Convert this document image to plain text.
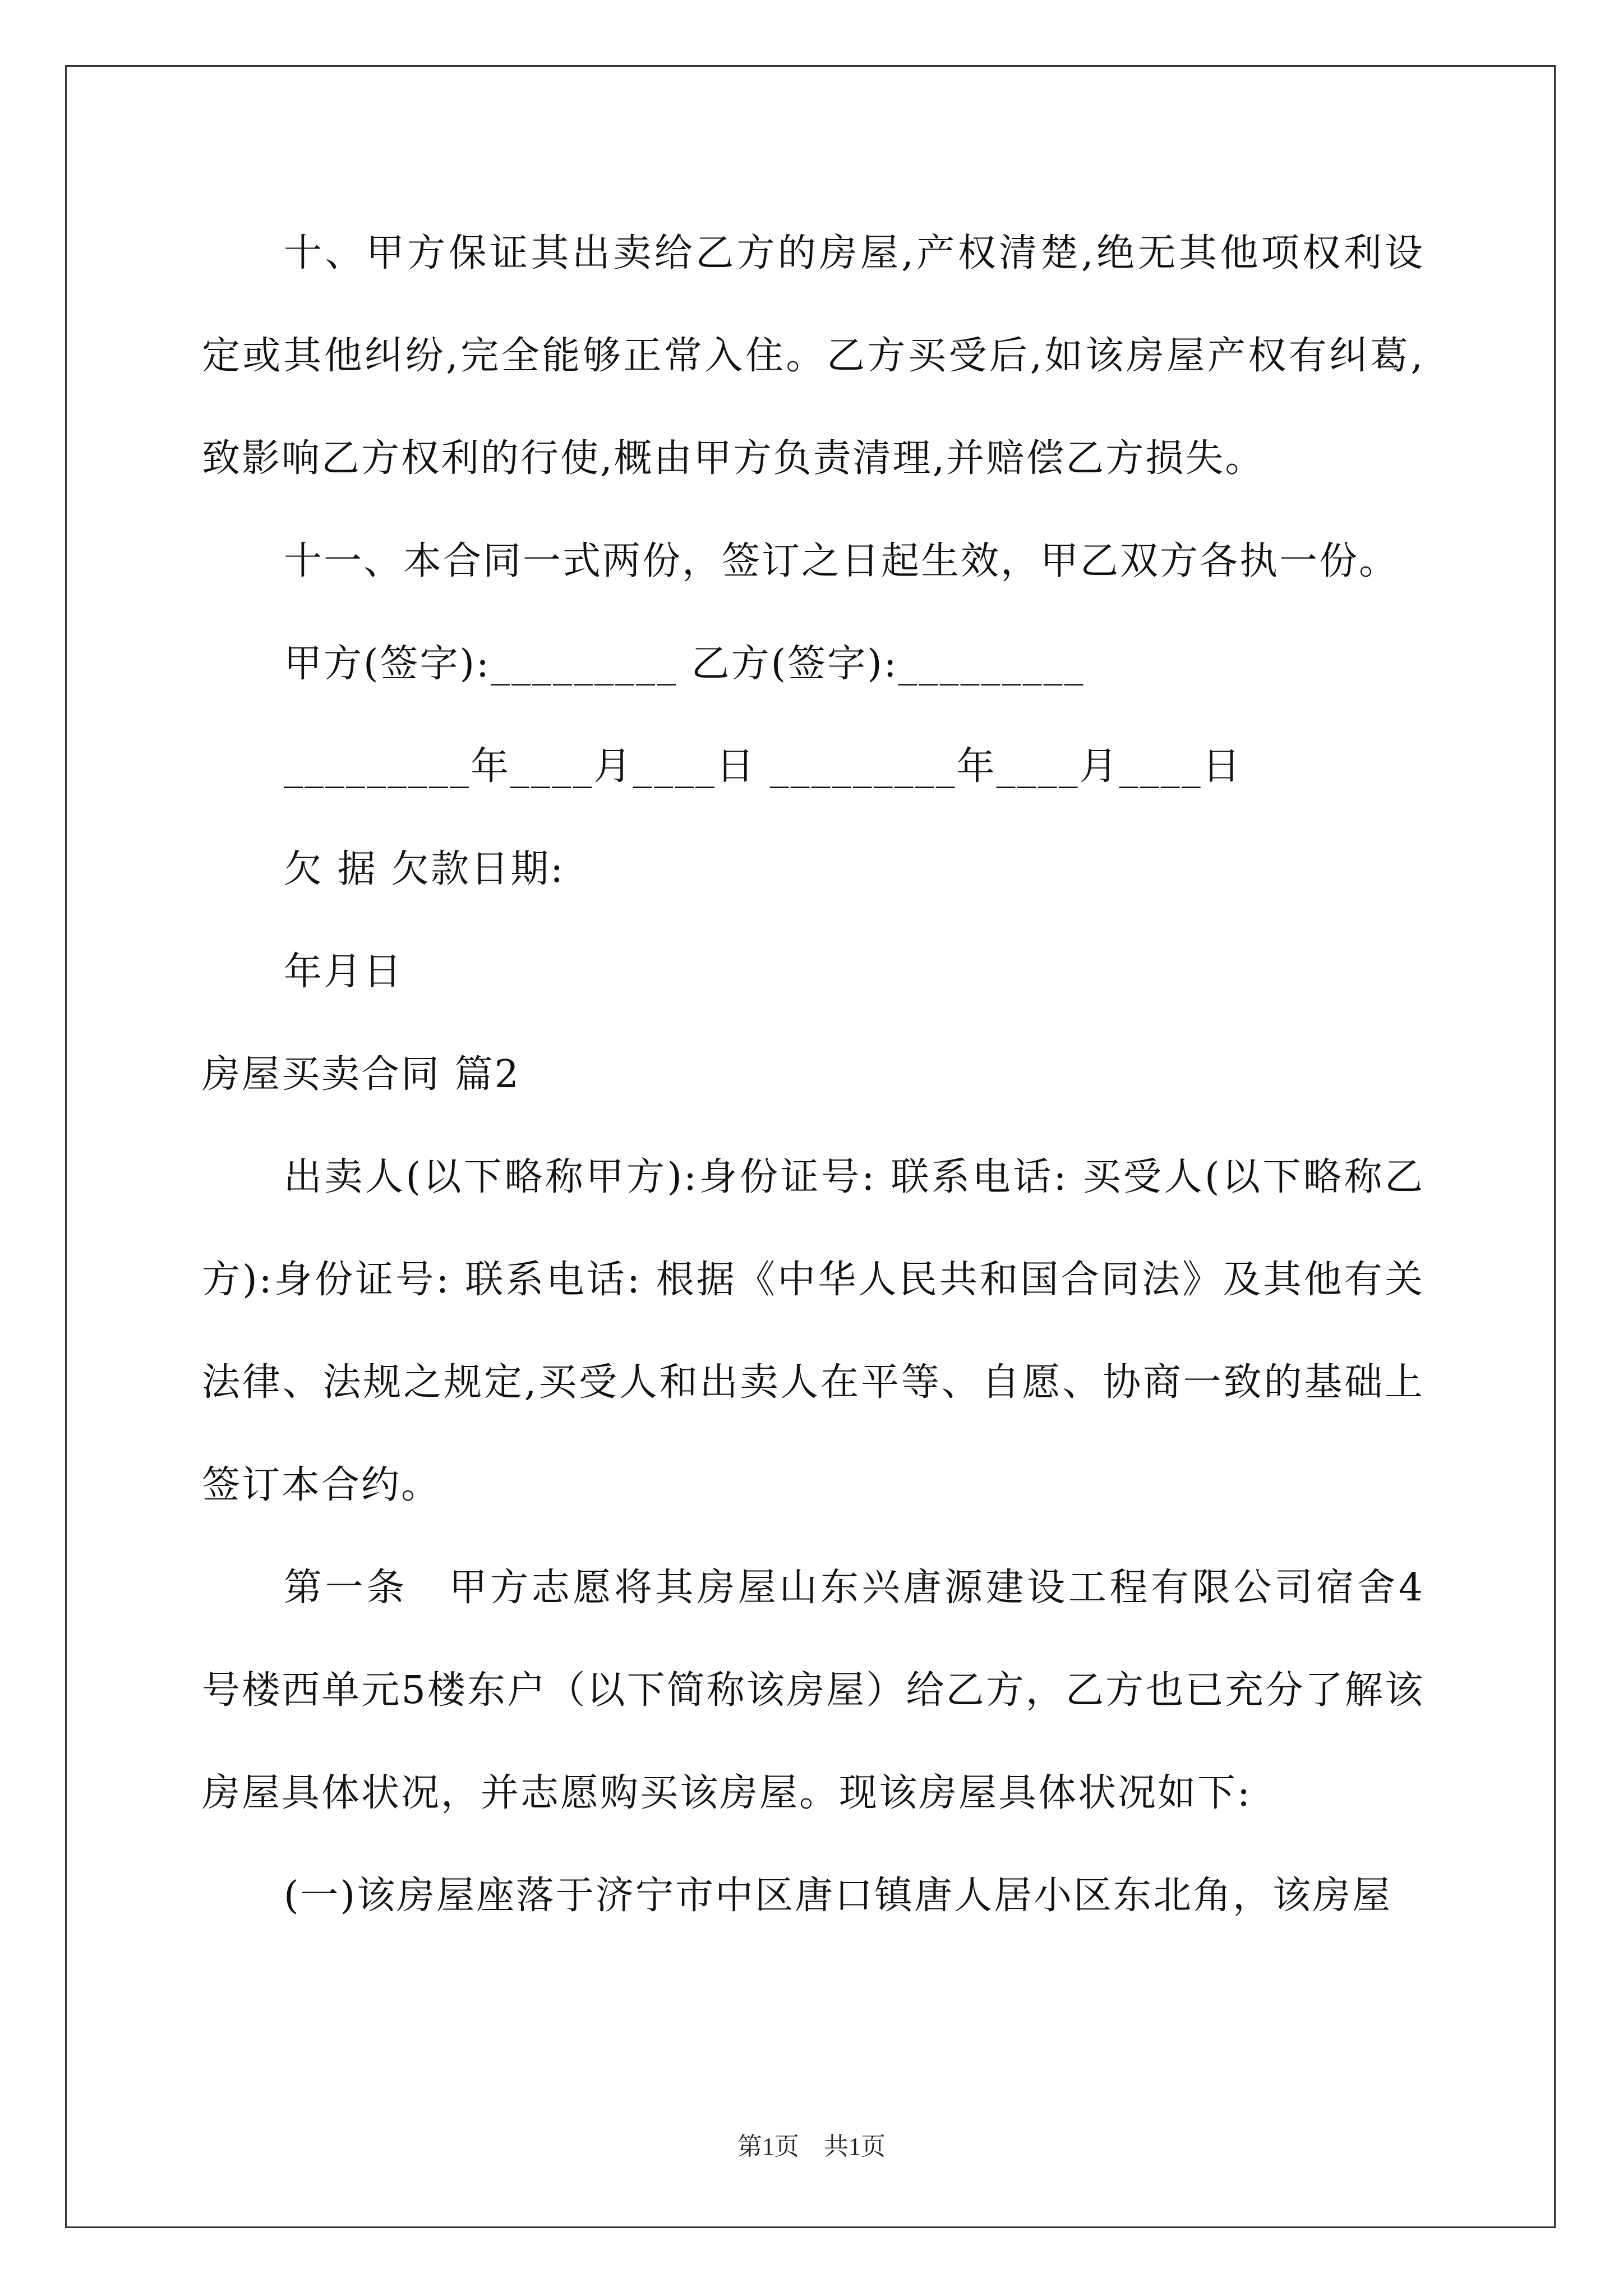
十、甲方保证其出卖给乙方的房屋,产权清楚,绝无其他项权利设定或其他纠纷,完全能够正常入住。乙方买受后,如该房屋产权有纠葛,致影响乙方权利的行使,概由甲方负责清理,并赔偿乙方损失。

十一、本合同一式两份，签订之日起生效，甲乙双方各执一份。

甲方(签字):_________ 乙方(签字):_________

_________年____月____日 _________年____月____日

欠 据 欠款日期:

年月日

房屋买卖合同 篇2

出卖人(以下略称甲方):身份证号: 联系电话: 买受人(以下略称乙方):身份证号: 联系电话: 根据《中华人民共和国合同法》及其他有关法律、法规之规定,买受人和出卖人在平等、自愿、协商一致的基础上签订本合约。

第一条　甲方志愿将其房屋山东兴唐源建设工程有限公司宿舍4号楼西单元5楼东户（以下简称该房屋）给乙方，乙方也已充分了解该房屋具体状况，并志愿购买该房屋。现该房屋具体状况如下:

(一)该房屋座落于济宁市中区唐口镇唐人居小区东北角，该房屋

第1页　共1页
